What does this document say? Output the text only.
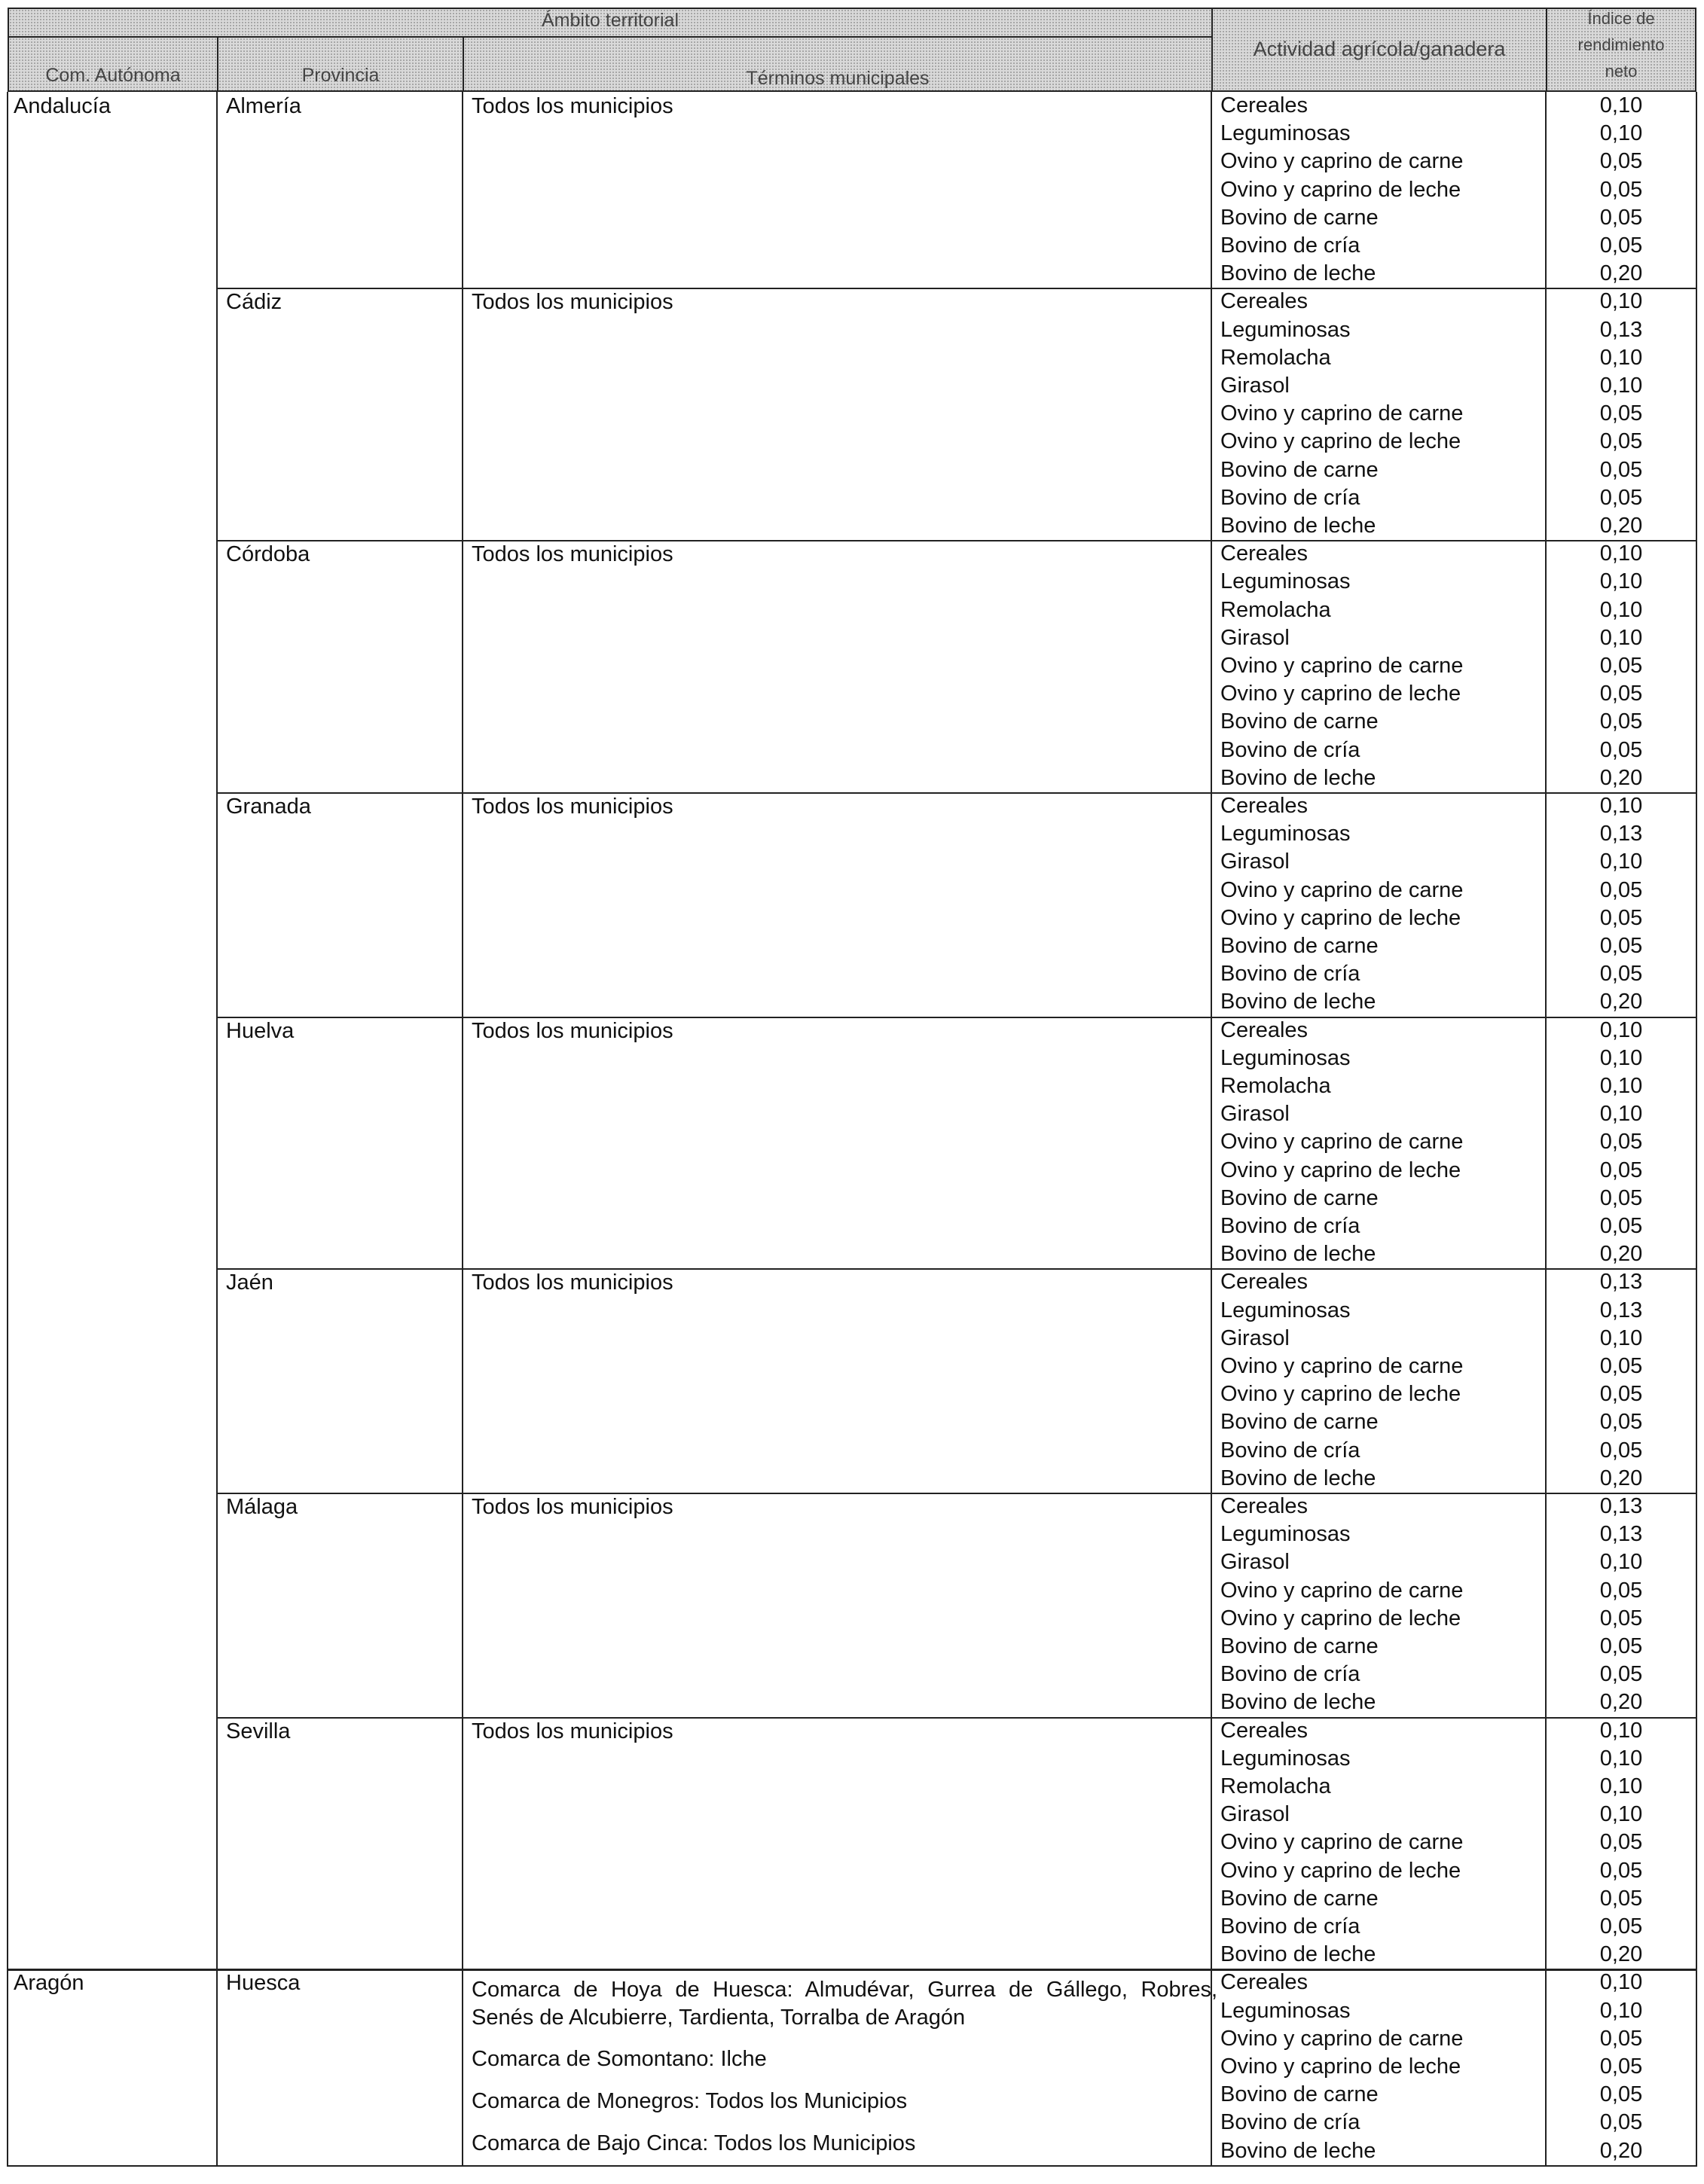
Ámbito territorial
Com. Autónoma	Provincia	Términos municipales
Actividad agrícola/ganadera
Índice de
rendimiento
neto
Andalucía	Almería	Todos los municipios	Cereales	0,10
Leguminosas	0,10
Ovino y caprino de carne	0,05
Ovino y caprino de leche	0,05
Bovino de carne	0,05
Bovino de cría	0,05
Bovino de leche	0,20
Cádiz	Todos los municipios	Cereales	0,10
Leguminosas	0,13
Remolacha	0,10
Girasol	0,10
Ovino y caprino de carne	0,05
Ovino y caprino de leche	0,05
Bovino de carne	0,05
Bovino de cría	0,05
Bovino de leche	0,20
Córdoba	Todos los municipios	Cereales	0,10
Leguminosas	0,10
Remolacha	0,10
Girasol	0,10
Ovino y caprino de carne	0,05
Ovino y caprino de leche	0,05
Bovino de carne	0,05
Bovino de cría	0,05
Bovino de leche	0,20
Granada	Todos los municipios	Cereales	0,10
Leguminosas	0,13
Girasol	0,10
Ovino y caprino de carne	0,05
Ovino y caprino de leche	0,05
Bovino de carne	0,05
Bovino de cría	0,05
Bovino de leche	0,20
Huelva	Todos los municipios	Cereales	0,10
Leguminosas	0,10
Remolacha	0,10
Girasol	0,10
Ovino y caprino de carne	0,05
Ovino y caprino de leche	0,05
Bovino de carne	0,05
Bovino de cría	0,05
Bovino de leche	0,20
Jaén	Todos los municipios	Cereales	0,13
Leguminosas	0,13
Girasol	0,10
Ovino y caprino de carne	0,05
Ovino y caprino de leche	0,05
Bovino de carne	0,05
Bovino de cría	0,05
Bovino de leche	0,20
Málaga	Todos los municipios	Cereales	0,13
Leguminosas	0,13
Girasol	0,10
Ovino y caprino de carne	0,05
Ovino y caprino de leche	0,05
Bovino de carne	0,05
Bovino de cría	0,05
Bovino de leche	0,20
Sevilla	Todos los municipios	Cereales	0,10
Leguminosas	0,10
Remolacha	0,10
Girasol	0,10
Ovino y caprino de carne	0,05
Ovino y caprino de leche	0,05
Bovino de carne	0,05
Bovino de cría	0,05
Bovino de leche	0,20
Aragón	Huesca	Comarca de Hoya de Huesca: Almudévar, Gurrea de Gállego, Robres, Senés de Alcubierre, Tardienta, Torralba de Aragón
Comarca de Somontano: Ilche
Comarca de Monegros: Todos los Municipios
Comarca de Bajo Cinca: Todos los Municipios
Cereales	0,10
Leguminosas	0,10
Ovino y caprino de carne	0,05
Ovino y caprino de leche	0,05
Bovino de carne	0,05
Bovino de cría	0,05
Bovino de leche	0,20
